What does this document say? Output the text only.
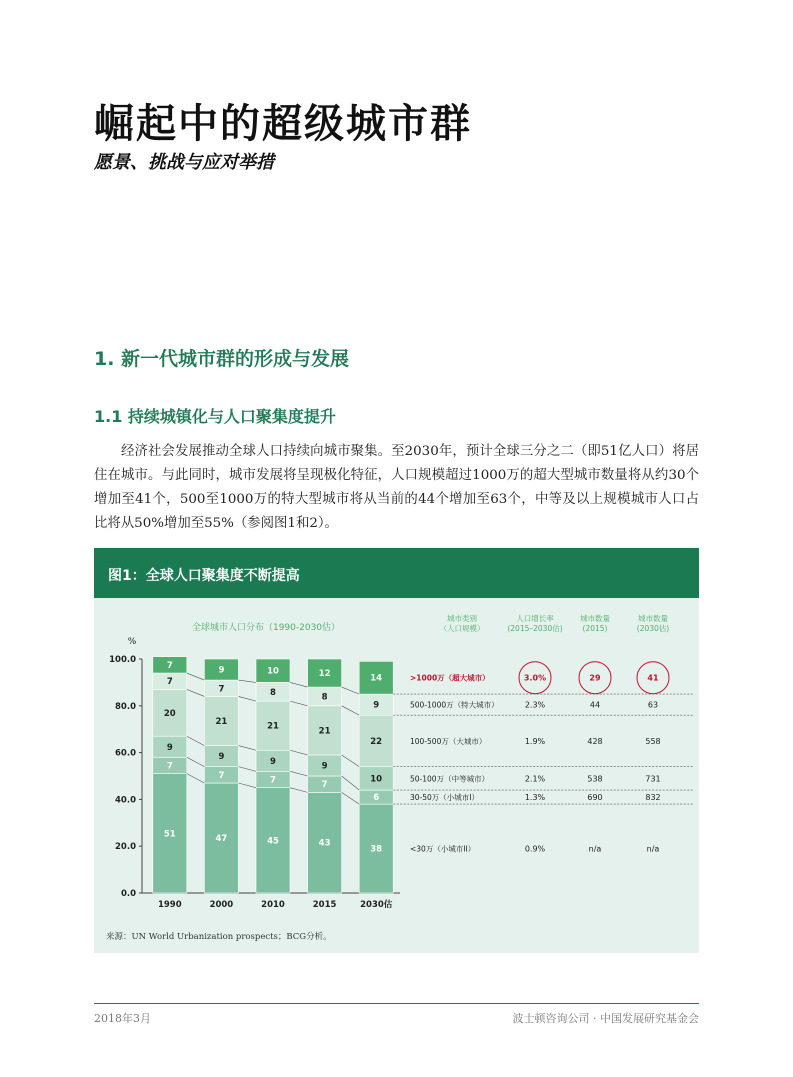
崛起中的超级城市群
愿景、挑战与应对举措
1. 新一代城市群的形成与发展
1.1 持续城镇化与人口聚集度提升

经济社会发展推动全球人口持续向城市聚集。至2030年，预计全球三分之二（即51亿人口）将居住在城市。与此同时，城市发展将呈现极化特征，人口规模超过1000万的超大型城市数量将从约30个增加至41个，500至1000万的特大型城市将从当前的44个增加至63个，中等及以上规模城市人口占比将从50%增加至55%（参阅图1和2）。

图1：全球人口聚集度不断提高
全球城市人口分布（1990-2030估）
%
0.0
20.0
40.0
60.0
80.0
100.0
51
7
9
20
7
7
1990
47
7
9
21
7
9
2000
45
7
9
21
8
10
2010
43
7
9
21
8
12
2015
38
6
10
22
9
14
2030估
城市类别
（人口规模）
人口增长率
(2015–2030估)
城市数量
(2015)
城市数量
(2030估)
>1000万（超大城市）	3.0%	29	41
500-1000万（特大城市）	2.3%	44	63
100-500万（大城市）	1.9%	428	558
50-100万（中等城市）	2.1%	538	731
30-50万（小城市I）	1.3%	690	832
<30万（小城市II）	0.9%	n/a	n/a
来源：UN World Urbanization prospects；BCG分析。
2018年3月	波士顿咨询公司 · 中国发展研究基金会
